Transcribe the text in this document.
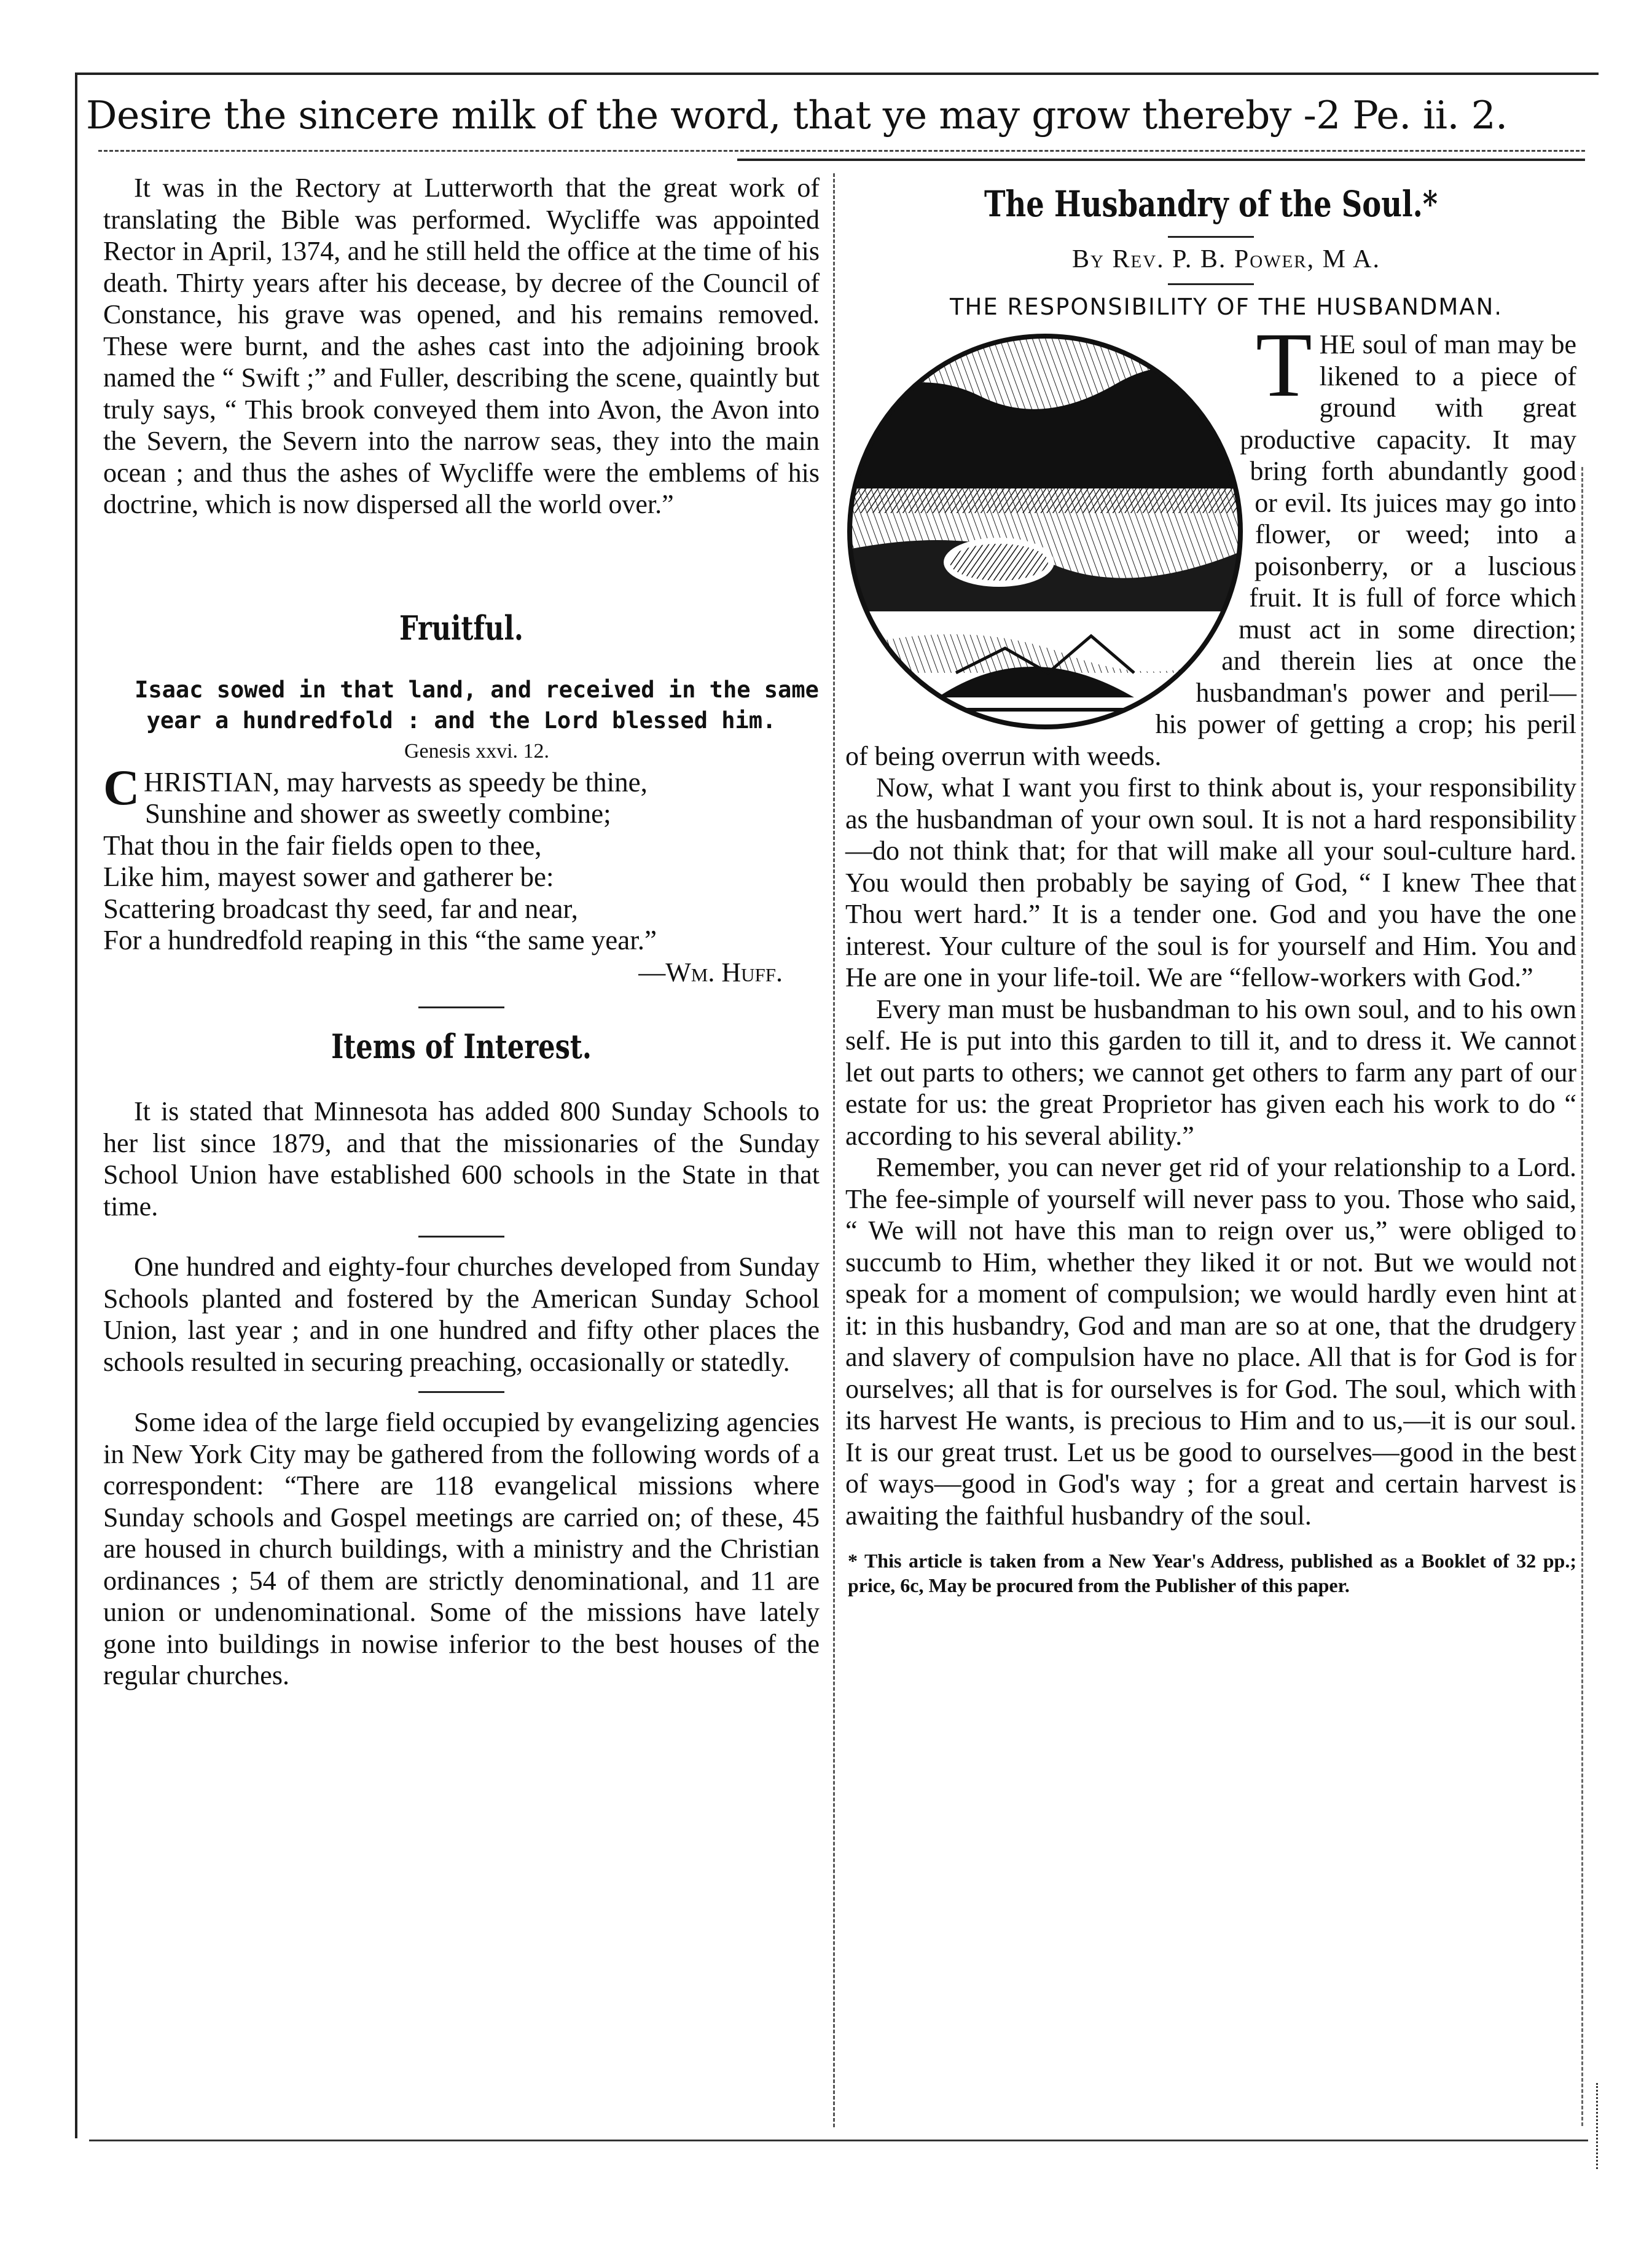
Desire the sincere milk of the word, that ye may grow thereby -2 Pe. ii. 2.

It was in the Rectory at Lutterworth that the great work of translating the Bible was performed. Wycliffe was appointed Rector in April, 1374, and he still held the office at the time of his death. Thirty years after his decease, by decree of the Council of Constance, his grave was opened, and his remains removed. These were burnt, and the ashes cast into the adjoining brook named the “ Swift ;” and Fuller, describing the scene, quaintly but truly says, “ This brook conveyed them into Avon, the Avon into the Severn, the Severn into the narrow seas, they into the main ocean ; and thus the ashes of Wycliffe were the emblems of his doctrine, which is now dispersed all the world over.”

Fruitful.

Isaac sowed in that land, and received in the same year a hundredfold : and the Lord blessed him.

Genesis xxvi. 12.

C HRISTIAN, may harvests as speedy be thine,
Sunshine and shower as sweetly combine;
That thou in the fair fields open to thee,
Like him, mayest sower and gatherer be:
Scattering broadcast thy seed, far and near,
For a hundredfold reaping in this “the same year.”
—Wm. Huff.
Items of Interest.

It is stated that Minnesota has added 800 Sunday Schools to her list since 1879, and that the missionaries of the Sunday School Union have established 600 schools in the State in that time.

One hundred and eighty-four churches developed from Sunday Schools planted and fostered by the American Sunday School Union, last year ; and in one hundred and fifty other places the schools resulted in securing preaching, occasionally or statedly.

Some idea of the large field occupied by evangelizing agencies in New York City may be gathered from the following words of a correspondent: “There are 118 evangelical missions where Sunday schools and Gospel meetings are carried on; of these, 45 are housed in church buildings, with a ministry and the Christian ordinances ; 54 of them are strictly denominational, and 11 are union or undenominational. Some of the missions have lately gone into buildings in nowise inferior to the best houses of the regular churches.

The Husbandry of the Soul.*

By Rev. P. B. Power, M A.

THE RESPONSIBILITY OF THE HUSBANDMAN.

T HE soul of man may be likened to a piece of ground with great productive capacity. It may bring forth abundantly good or evil. Its juices may go into flower, or weed; into a poisonberry, or a luscious fruit. It is full of force which must act in some direction; and therein lies at once the husbandman's power and peril—his power of getting a crop; his peril of being overrun with weeds.

Now, what I want you first to think about is, your responsibility as the husbandman of your own soul. It is not a hard responsibility—do not think that; for that will make all your soul-culture hard. You would then probably be saying of God, “ I knew Thee that Thou wert hard.” It is a tender one. God and you have the one interest. Your culture of the soul is for yourself and Him. You and He are one in your life-toil. We are “fellow-workers with God.”

Every man must be husbandman to his own soul, and to his own self. He is put into this garden to till it, and to dress it. We cannot let out parts to others; we cannot get others to farm any part of our estate for us: the great Proprietor has given each his work to do “ according to his several ability.”

Remember, you can never get rid of your relationship to a Lord. The fee-simple of yourself will never pass to you. Those who said, “ We will not have this man to reign over us,” were obliged to succumb to Him, whether they liked it or not. But we would not speak for a moment of compulsion; we would hardly even hint at it: in this husbandry, God and man are so at one, that the drudgery and slavery of compulsion have no place. All that is for God is for ourselves; all that is for ourselves is for God. The soul, which with its harvest He wants, is precious to Him and to us,—it is our soul. It is our great trust. Let us be good to ourselves—good in the best of ways—good in God's way ; for a great and certain harvest is awaiting the faithful husbandry of the soul.

* This article is taken from a New Year's Address, published as a Booklet of 32 pp.; price, 6c, May be procured from the Publisher of this paper.
